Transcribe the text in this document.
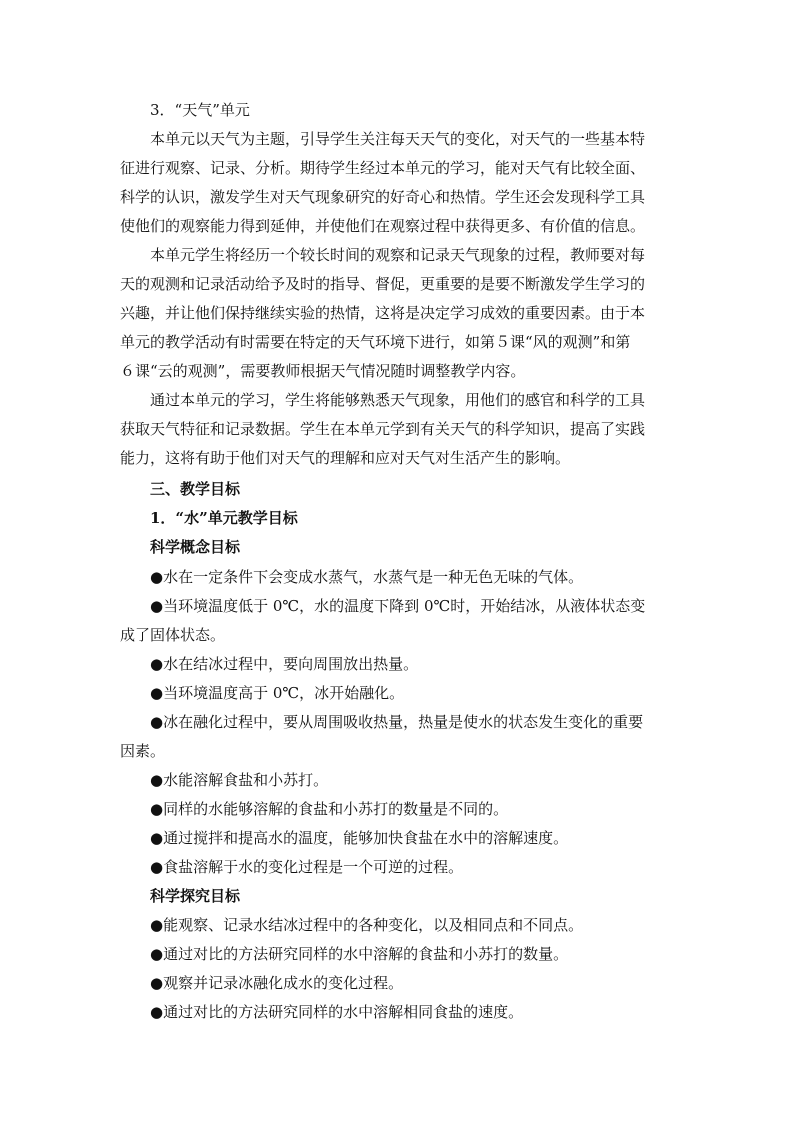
3．“天气”单元
本单元以天气为主题，引导学生关注每天天气的变化，对天气的一些基本特
征进行观察、记录、分析。期待学生经过本单元的学习，能对天气有比较全面、
科学的认识，激发学生对天气现象研究的好奇心和热情。学生还会发现科学工具
使他们的观察能力得到延伸，并使他们在观察过程中获得更多、有价值的信息。
本单元学生将经历一个较长时间的观察和记录天气现象的过程，教师要对每
天的观测和记录活动给予及时的指导、督促，更重要的是要不断激发学生学习的
兴趣，并让他们保持继续实验的热情，这将是决定学习成效的重要因素。由于本
单元的教学活动有时需要在特定的天气环境下进行，如第５课“风的观测”和第
６课“云的观测”，需要教师根据天气情况随时调整教学内容。
通过本单元的学习，学生将能够熟悉天气现象，用他们的感官和科学的工具
获取天气特征和记录数据。学生在本单元学到有关天气的科学知识，提高了实践
能力，这将有助于他们对天气的理解和应对天气对生活产生的影响。
三、教学目标
1．“水”单元教学目标
科学概念目标
●水在一定条件下会变成水蒸气，水蒸气是一种无色无味的气体。
●当环境温度低于 0℃，水的温度下降到 0℃时，开始结冰，从液体状态变
成了固体状态。
●水在结冰过程中，要向周围放出热量。
●当环境温度高于 0℃，冰开始融化。
●冰在融化过程中，要从周围吸收热量，热量是使水的状态发生变化的重要
因素。
●水能溶解食盐和小苏打。
●同样的水能够溶解的食盐和小苏打的数量是不同的。
●通过搅拌和提高水的温度，能够加快食盐在水中的溶解速度。
●食盐溶解于水的变化过程是一个可逆的过程。
科学探究目标
●能观察、记录水结冰过程中的各种变化，以及相同点和不同点。
●通过对比的方法研究同样的水中溶解的食盐和小苏打的数量。
●观察并记录冰融化成水的变化过程。
●通过对比的方法研究同样的水中溶解相同食盐的速度。
